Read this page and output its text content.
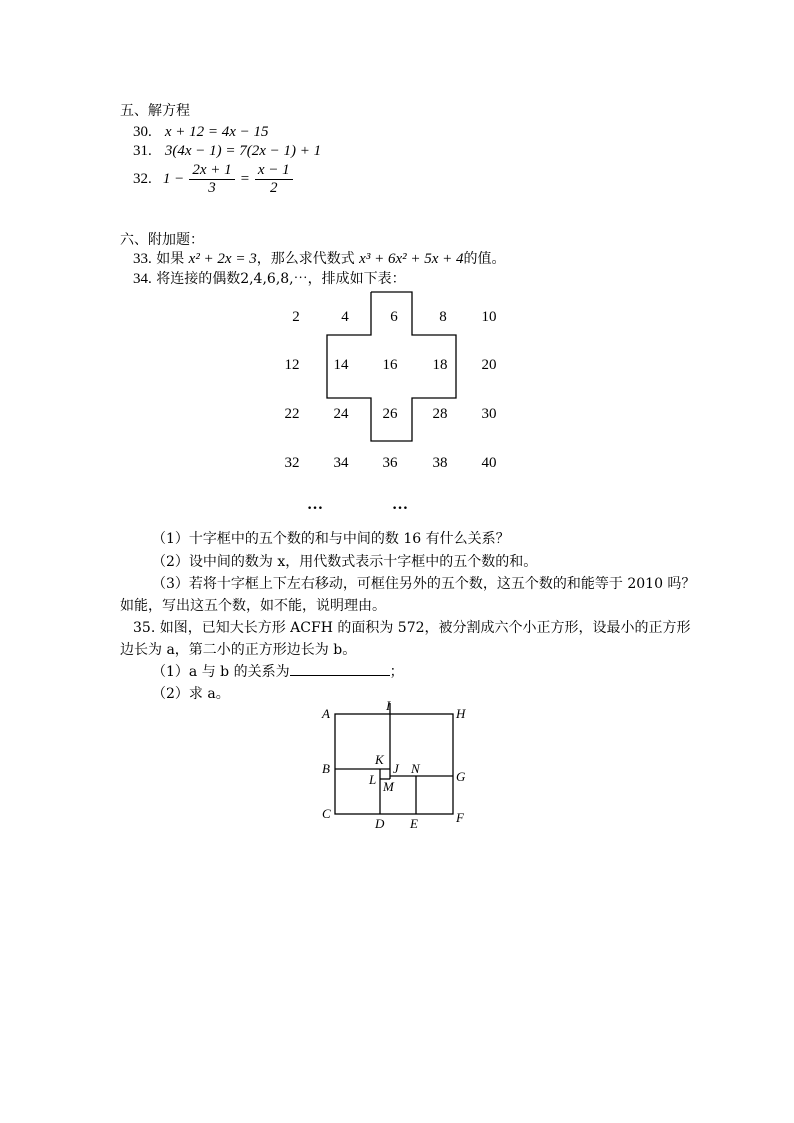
五、解方程
30. x + 12 = 4x − 15
31. 3(4x − 1) = 7(2x − 1) + 1
32. $1 - \frac{2x + 1}{3} = \frac{x - 1}{2}$
六、附加题：
33. 如果 x² + 2x = 3，那么求代数式 x³ + 6x² + 5x + 4的值。
34. 将连接的偶数2,4,6,8,⋯，排成如下表：
2	4	6	8	10
12	14	16	18	20
22	24	26	28	30
32	34	36	38	40
…	…
（1）十字框中的五个数的和与中间的数 16 有什么关系？
（2）设中间的数为 x，用代数式表示十字框中的五个数的和。
（3）若将十字框上下左右移动，可框住另外的五个数，这五个数的和能等于 2010 吗？
如能，写出这五个数，如不能，说明理由。
35. 如图，已知大长方形 ACFH 的面积为 572，被分割成六个小正方形，设最小的正方形
边长为 a，第二小的正方形边长为 b。
（1）a 与 b 的关系为	；
（2）求 a。
A
I
H
K
B
L
J N
G
M
C
D E	F
